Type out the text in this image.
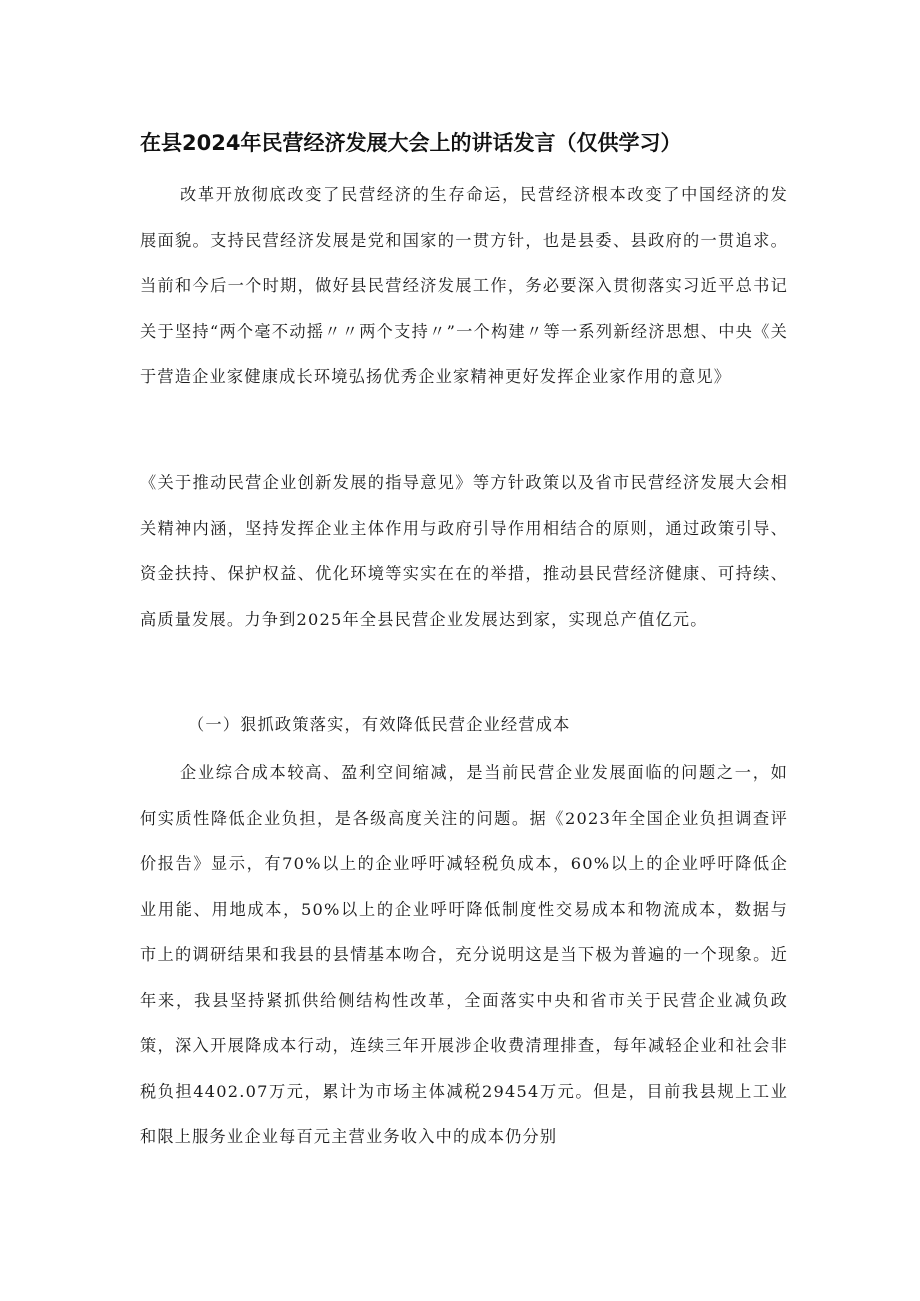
在县2024年民营经济发展大会上的讲话发言（仅供学习）

改革开放彻底改变了民营经济的生存命运，民营经济根本改变了中国经济的发展面貌。支持民营经济发展是党和国家的一贯方针，也是县委、县政府的一贯追求。当前和今后一个时期，做好县民营经济发展工作，务必要深入贯彻落实习近平总书记关于坚持“两个毫不动摇〃〃两个支持〃”一个构建〃等一系列新经济思想、中央《关于营造企业家健康成长环境弘扬优秀企业家精神更好发挥企业家作用的意见》

《关于推动民营企业创新发展的指导意见》等方针政策以及省市民营经济发展大会相关精神内涵，坚持发挥企业主体作用与政府引导作用相结合的原则，通过政策引导、资金扶持、保护权益、优化环境等实实在在的举措，推动县民营经济健康、可持续、高质量发展。力争到2025年全县民营企业发展达到家，实现总产值亿元。

（一）狠抓政策落实，有效降低民营企业经营成本

企业综合成本较高、盈利空间缩减，是当前民营企业发展面临的问题之一，如何实质性降低企业负担，是各级高度关注的问题。据《2023年全国企业负担调查评价报告》显示，有70%以上的企业呼吁减轻税负成本，60%以上的企业呼吁降低企业用能、用地成本，50%以上的企业呼吁降低制度性交易成本和物流成本，数据与市上的调研结果和我县的县情基本吻合，充分说明这是当下极为普遍的一个现象。近年来，我县坚持紧抓供给侧结构性改革，全面落实中央和省市关于民营企业减负政策，深入开展降成本行动，连续三年开展涉企收费清理排查，每年减轻企业和社会非税负担4402.07万元，累计为市场主体减税29454万元。但是，目前我县规上工业和限上服务业企业每百元主营业务收入中的成本仍分别
